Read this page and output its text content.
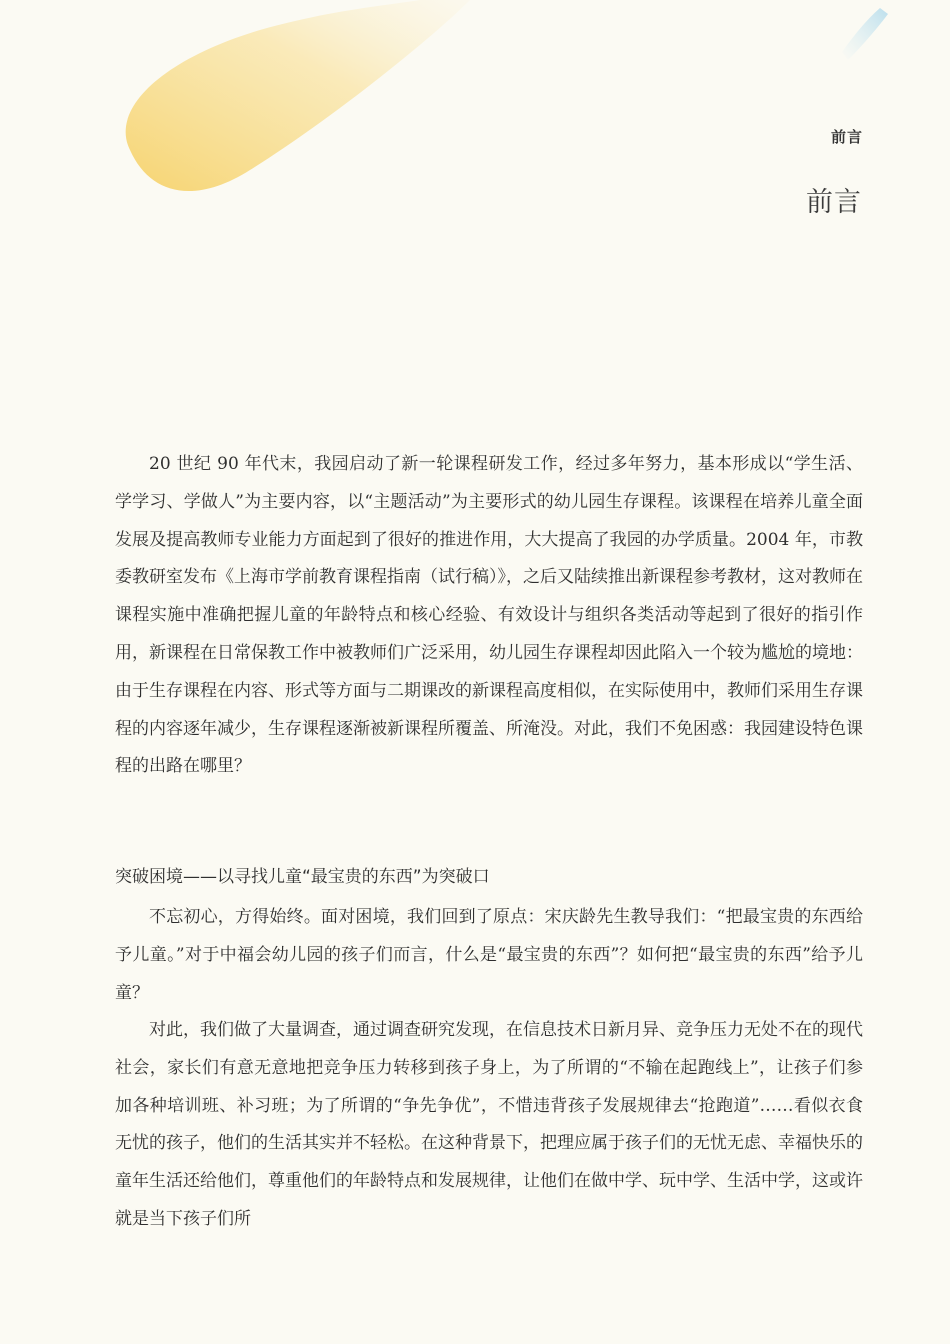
前言
前言

20 世纪 90 年代末，我园启动了新一轮课程研发工作，经过多年努力，基本形成以“学生活、学学习、学做人”为主要内容，以“主题活动”为主要形式的幼儿园生存课程。该课程在培养儿童全面发展及提高教师专业能力方面起到了很好的推进作用，大大提高了我园的办学质量。2004 年，市教委教研室发布《上海市学前教育课程指南（试行稿）》，之后又陆续推出新课程参考教材，这对教师在课程实施中准确把握儿童的年龄特点和核心经验、有效设计与组织各类活动等起到了很好的指引作用，新课程在日常保教工作中被教师们广泛采用，幼儿园生存课程却因此陷入一个较为尴尬的境地：由于生存课程在内容、形式等方面与二期课改的新课程高度相似，在实际使用中，教师们采用生存课程的内容逐年减少，生存课程逐渐被新课程所覆盖、所淹没。对此，我们不免困惑：我园建设特色课程的出路在哪里？

突破困境——以寻找儿童“最宝贵的东西”为突破口

不忘初心，方得始终。面对困境，我们回到了原点：宋庆龄先生教导我们：“把最宝贵的东西给予儿童。”对于中福会幼儿园的孩子们而言，什么是“最宝贵的东西”？如何把“最宝贵的东西”给予儿童？

对此，我们做了大量调查，通过调查研究发现，在信息技术日新月异、竞争压力无处不在的现代社会，家长们有意无意地把竞争压力转移到孩子身上，为了所谓的“不输在起跑线上”，让孩子们参加各种培训班、补习班；为了所谓的“争先争优”，不惜违背孩子发展规律去“抢跑道”……看似衣食无忧的孩子，他们的生活其实并不轻松。在这种背景下，把理应属于孩子们的无忧无虑、幸福快乐的童年生活还给他们，尊重他们的年龄特点和发展规律，让他们在做中学、玩中学、生活中学，这或许就是当下孩子们所
